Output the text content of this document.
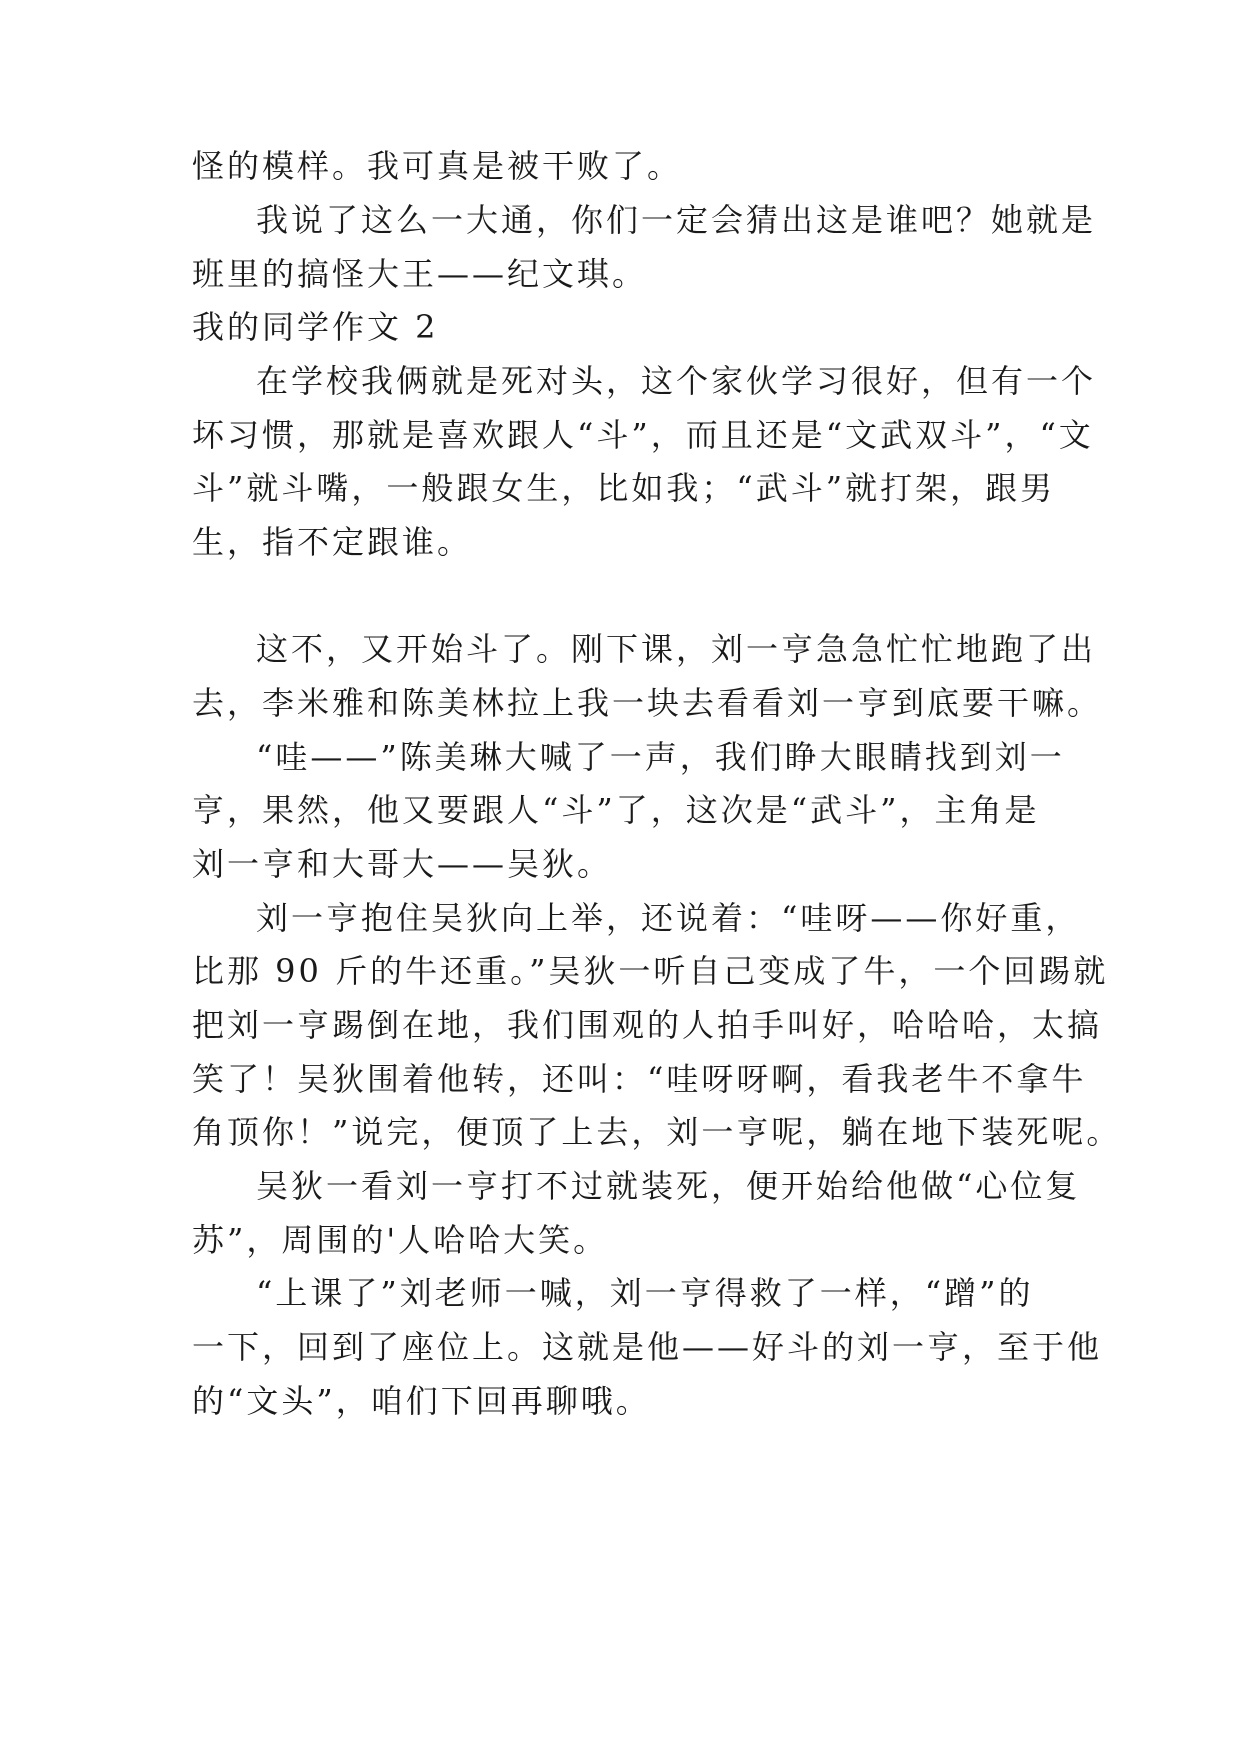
怪的模样。我可真是被干败了。
我说了这么一大通，你们一定会猜出这是谁吧？她就是
班里的搞怪大王——纪文琪。
我的同学作文 2
在学校我俩就是死对头，这个家伙学习很好，但有一个
坏习惯，那就是喜欢跟人“斗”，而且还是“文武双斗”，“文
斗”就斗嘴，一般跟女生，比如我；“武斗”就打架，跟男
生，指不定跟谁。
这不，又开始斗了。刚下课，刘一亨急急忙忙地跑了出
去，李米雅和陈美林拉上我一块去看看刘一亨到底要干嘛。
“哇——”陈美琳大喊了一声，我们睁大眼睛找到刘一
亨，果然，他又要跟人“斗”了，这次是“武斗”，主角是
刘一亨和大哥大——吴狄。
刘一亨抱住吴狄向上举，还说着：“哇呀——你好重，
比那 90 斤的牛还重。”吴狄一听自己变成了牛，一个回踢就
把刘一亨踢倒在地，我们围观的人拍手叫好，哈哈哈，太搞
笑了！吴狄围着他转，还叫：“哇呀呀啊，看我老牛不拿牛
角顶你！”说完，便顶了上去，刘一亨呢，躺在地下装死呢。
吴狄一看刘一亨打不过就装死，便开始给他做“心位复
苏”，周围的'人哈哈大笑。
“上课了”刘老师一喊，刘一亨得救了一样，“蹭”的
一下，回到了座位上。这就是他——好斗的刘一亨，至于他
的“文头”，咱们下回再聊哦。
